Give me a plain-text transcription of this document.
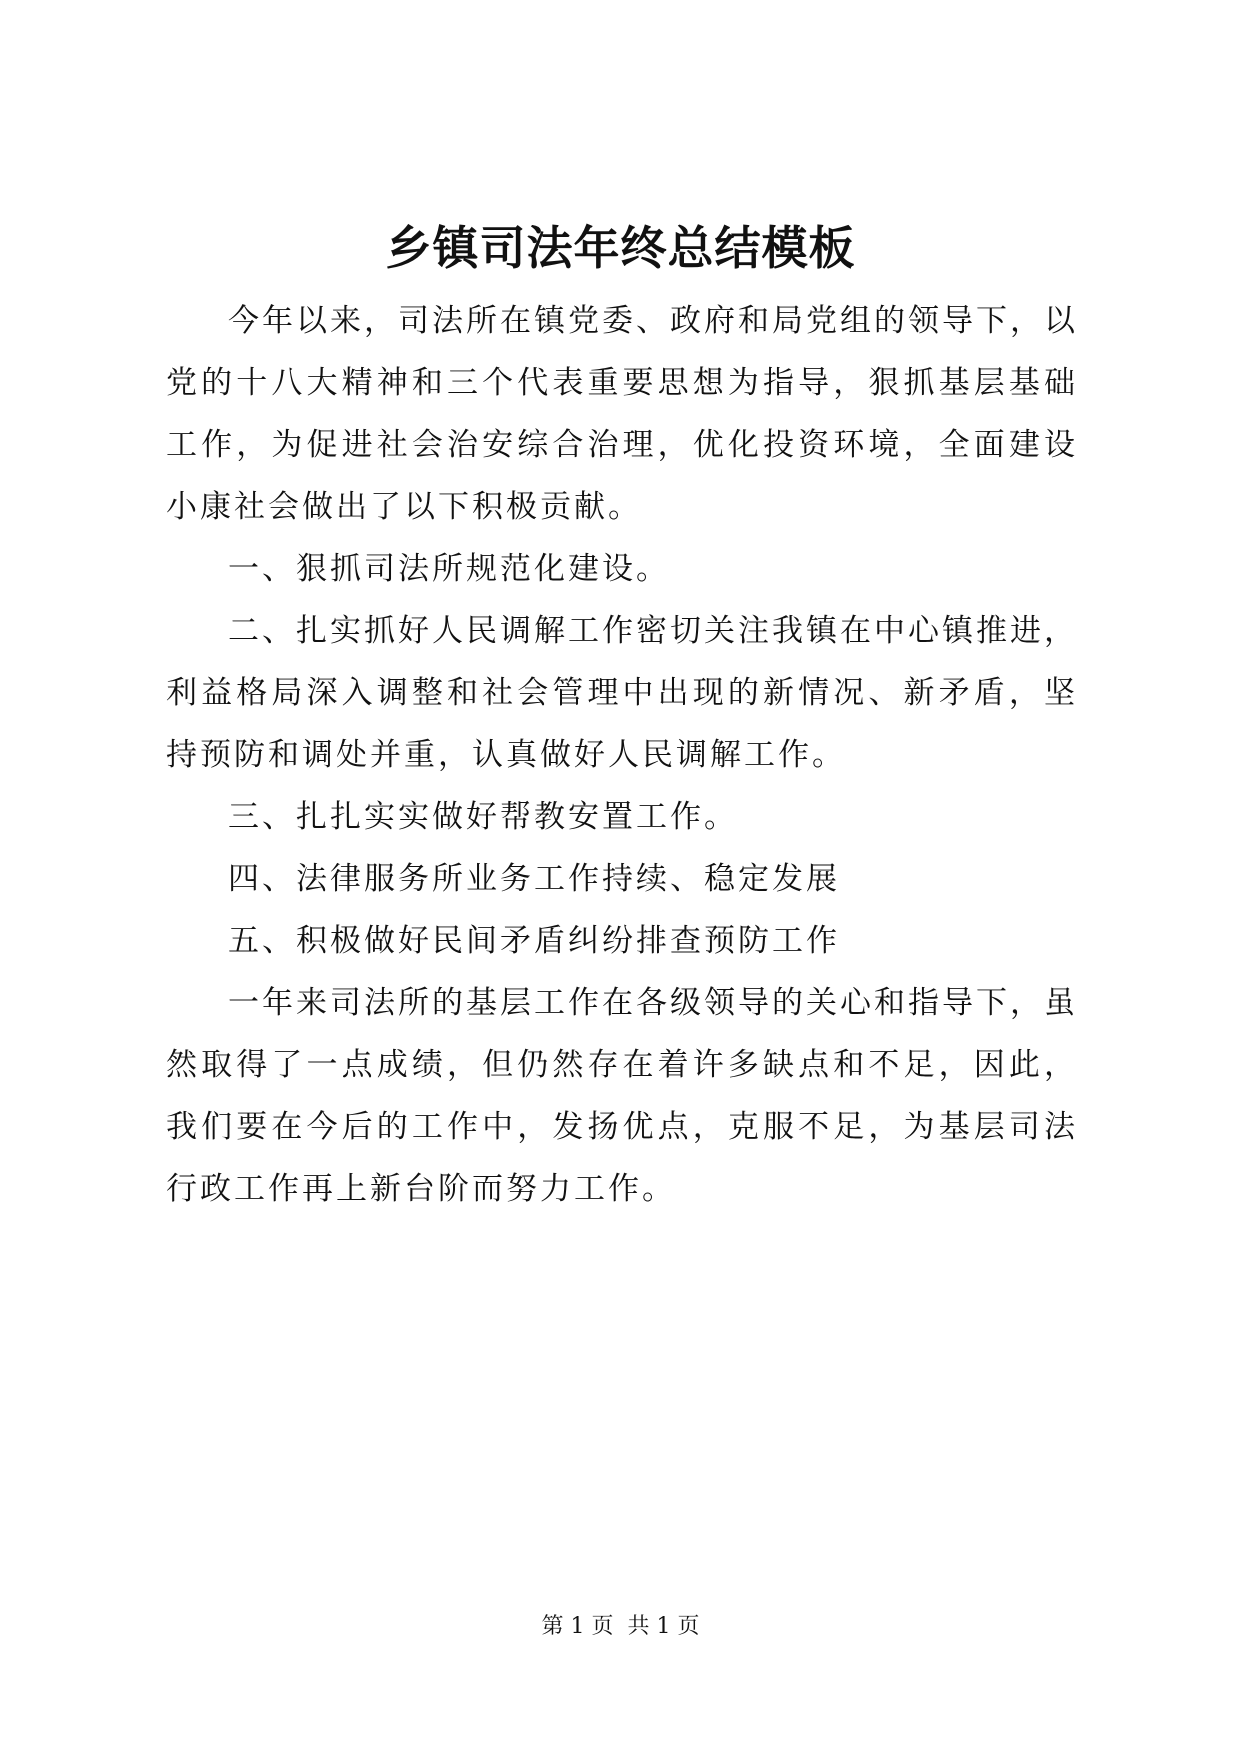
乡镇司法年终总结模板

今年以来，司法所在镇党委、政府和局党组的领导下，以党的十八大精神和三个代表重要思想为指导，狠抓基层基础工作，为促进社会治安综合治理，优化投资环境，全面建设小康社会做出了以下积极贡献。

一、狠抓司法所规范化建设。

二、扎实抓好人民调解工作密切关注我镇在中心镇推进，利益格局深入调整和社会管理中出现的新情况、新矛盾，坚持预防和调处并重，认真做好人民调解工作。

三、扎扎实实做好帮教安置工作。

四、法律服务所业务工作持续、稳定发展

五、积极做好民间矛盾纠纷排查预防工作

一年来司法所的基层工作在各级领导的关心和指导下，虽然取得了一点成绩，但仍然存在着许多缺点和不足，因此，我们要在今后的工作中，发扬优点，克服不足，为基层司法行政工作再上新台阶而努力工作。

第 1 页  共 1 页
